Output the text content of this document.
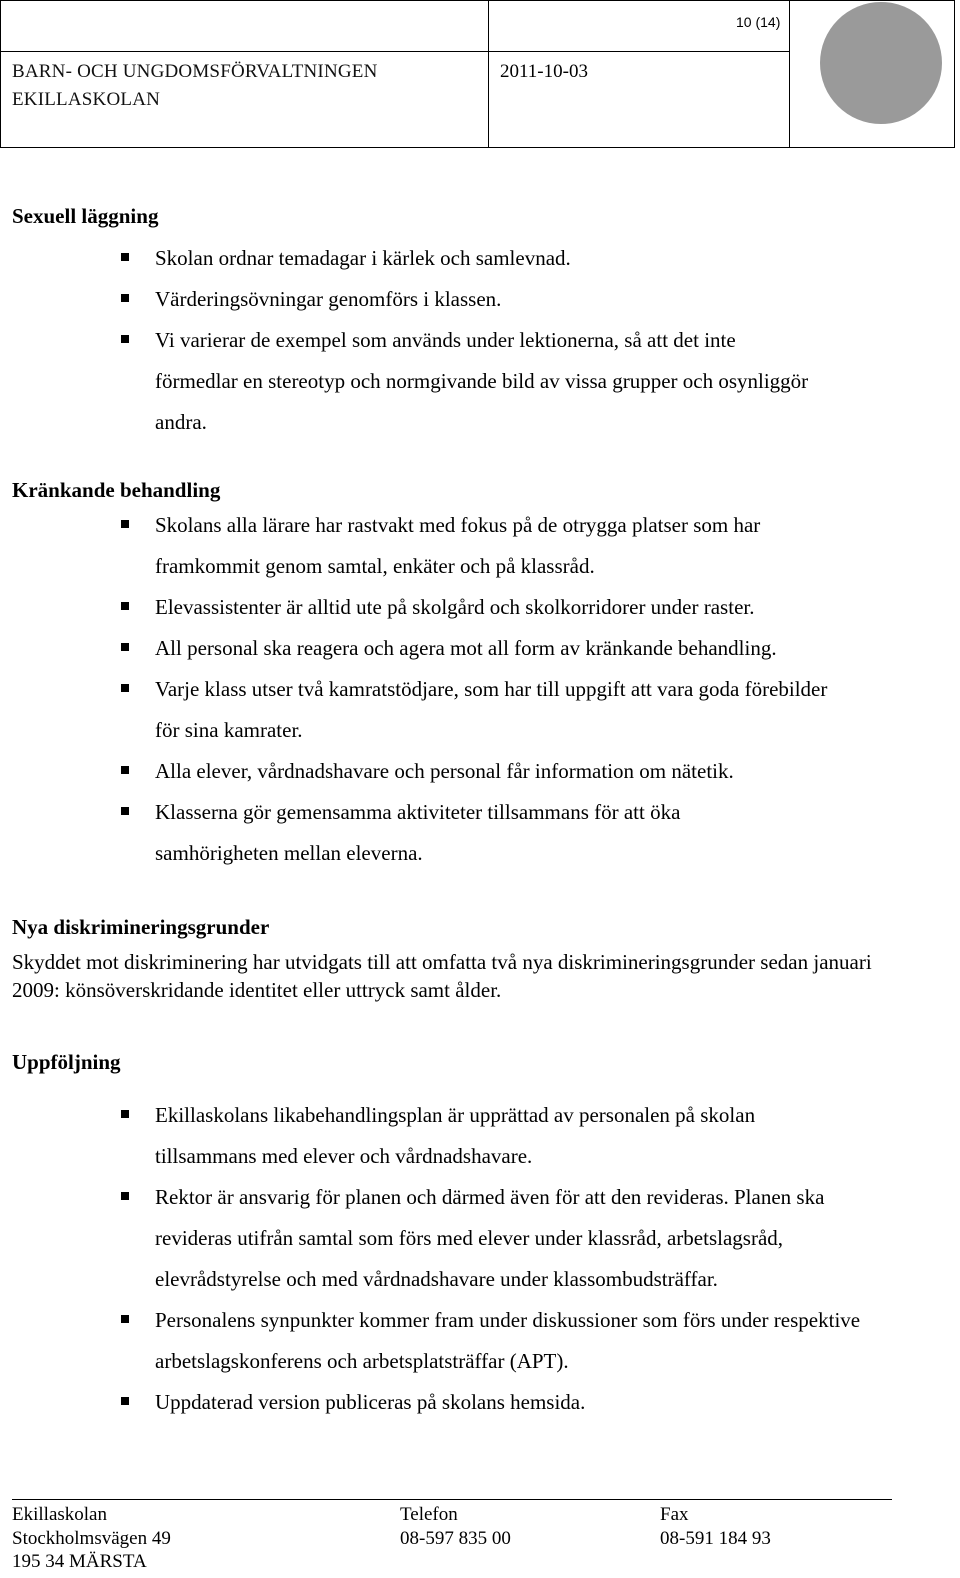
10 (14)
BARN- OCH UNGDOMSFÖRVALTNINGEN
EKILLASKOLAN
2011-10-03
Sexuell läggning
Skolan ordnar temadagar i kärlek och samlevnad.
Värderingsövningar genomförs i klassen.
Vi varierar de exempel som används under lektionerna, så att det inte förmedlar en stereotyp och normgivande bild av vissa grupper och osynliggör andra.
Kränkande behandling
Skolans alla lärare har rastvakt med fokus på de otrygga platser som har framkommit genom samtal, enkäter och på klassråd.
Elevassistenter är alltid ute på skolgård och skolkorridorer under raster.
All personal ska reagera och agera mot all form av kränkande behandling.
Varje klass utser två kamratstödjare, som har till uppgift att vara goda förebilder för sina kamrater.
Alla elever, vårdnadshavare och personal får information om nätetik.
Klasserna gör gemensamma aktiviteter tillsammans för att öka samhörigheten mellan eleverna.
Nya diskrimineringsgrunder
Skyddet mot diskriminering har utvidgats till att omfatta två nya diskrimineringsgrunder sedan januari 2009: könsöverskridande identitet eller uttryck samt ålder.
Uppföljning
Ekillaskolans likabehandlingsplan är upprättad av personalen på skolan tillsammans med elever och vårdnadshavare.
Rektor är ansvarig för planen och därmed även för att den revideras. Planen ska revideras utifrån samtal som förs med elever under klassråd, arbetslagsråd, elevrådstyrelse och med vårdnadshavare under klassombudsträffar.
Personalens synpunkter kommer fram under diskussioner som förs under respektive arbetslagskonferens och arbetsplatsträffar (APT).
Uppdaterad version publiceras på skolans hemsida.
Ekillaskolan
Stockholmsvägen 49
195 34 MÄRSTA
Telefon
08-597 835 00
Fax
08-591 184 93
